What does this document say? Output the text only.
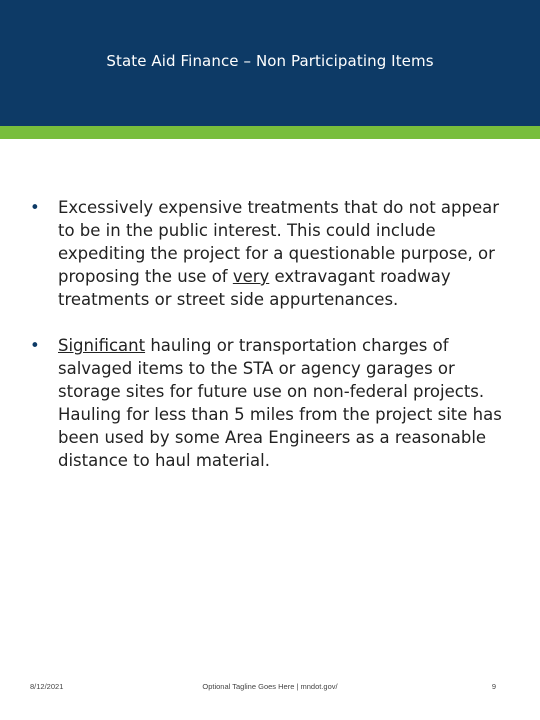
State Aid Finance – Non Participating Items
• Excessively expensive treatments that do not appear to be in the public interest. This could include expediting the project for a questionable purpose, or proposing the use of very extravagant roadway treatments or street side appurtenances.
• Significant hauling or transportation charges of salvaged items to the STA or agency garages or storage sites for future use on non-federal projects. Hauling for less than 5 miles from the project site has been used by some Area Engineers as a reasonable distance to haul material.
8/12/2021	Optional Tagline Goes Here | mndot.gov/	9
